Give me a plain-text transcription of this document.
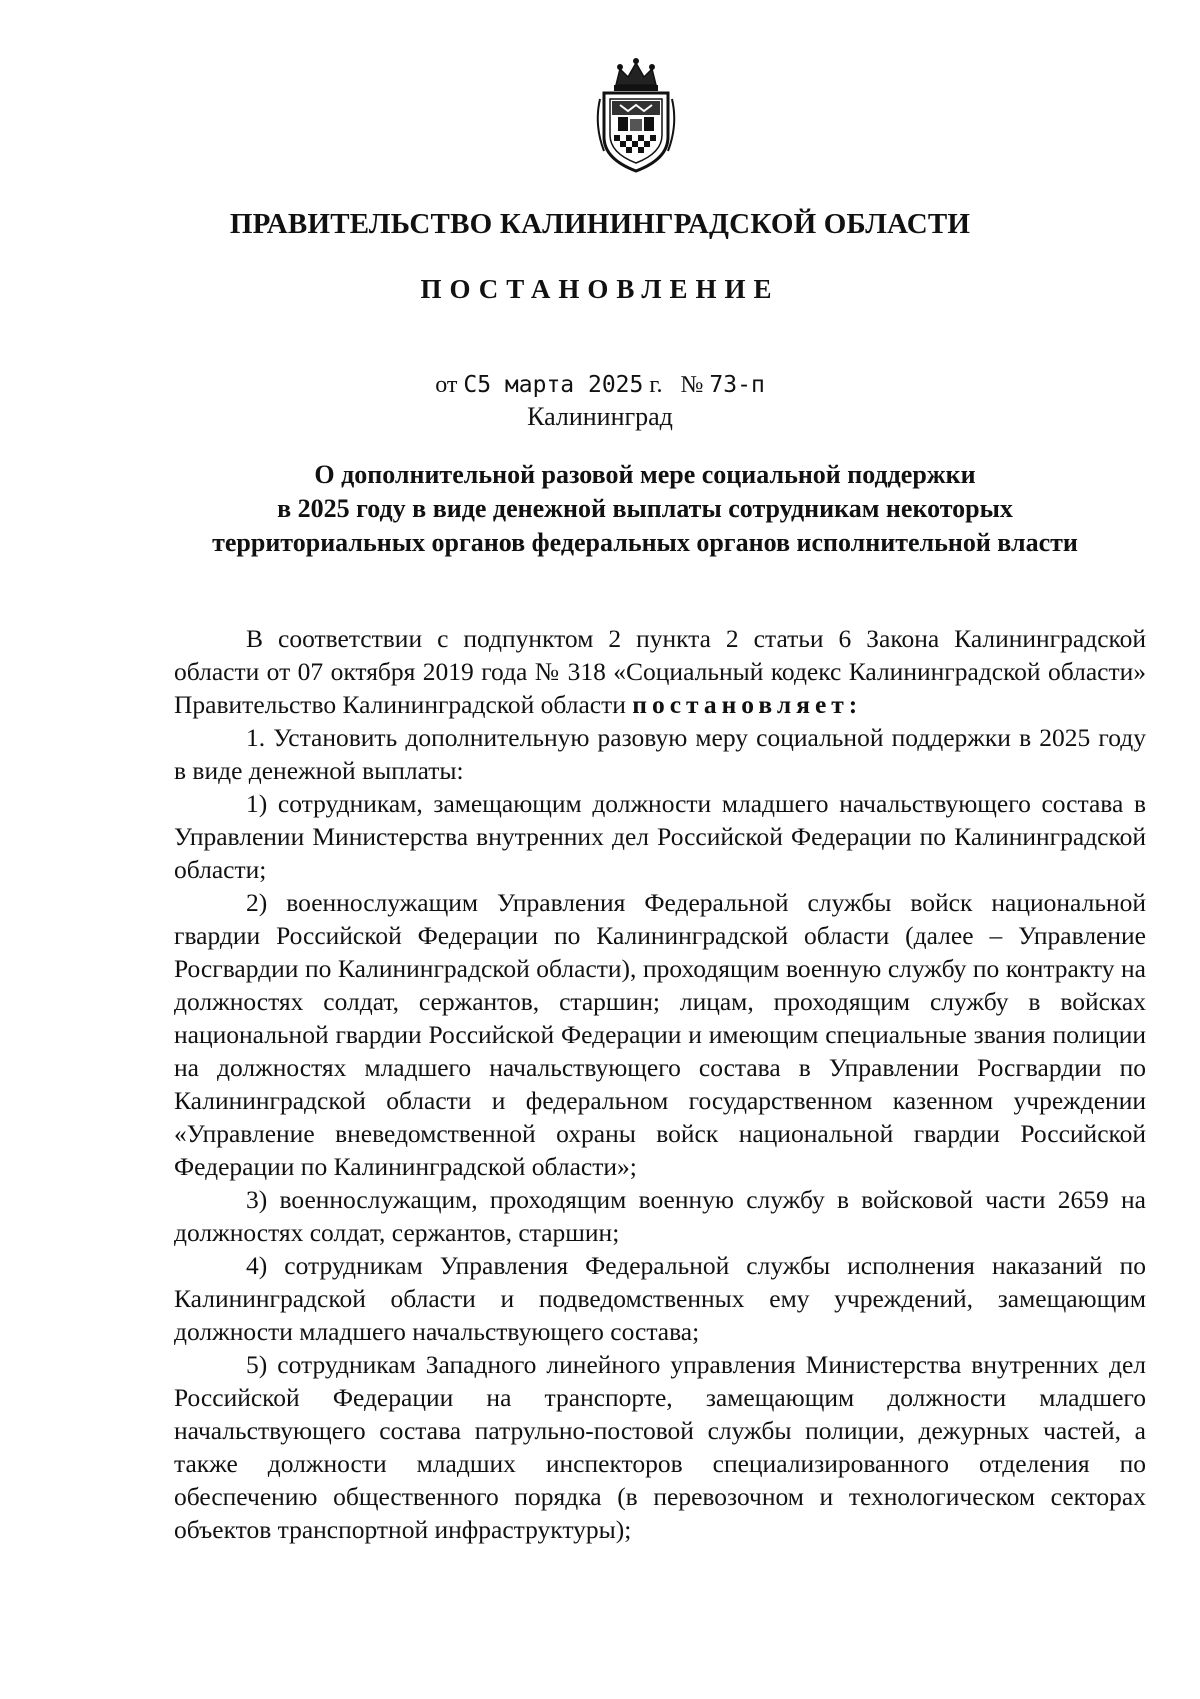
ПРАВИТЕЛЬСТВО КАЛИНИНГРАДСКОЙ ОБЛАСТИ
ПОСТАНОВЛЕНИЕ
от С5 марта 2025 г. № 73-п
Калининград
О дополнительной разовой мере социальной поддержки
в 2025 году в виде денежной выплаты сотрудникам некоторых
территориальных органов федеральных органов исполнительной власти

В соответствии с подпунктом 2 пункта 2 статьи 6 Закона Калининградской области от 07 октября 2019 года № 318 «Социальный кодекс Калининградской области» Правительство Калининградской области постановляет:

1. Установить дополнительную разовую меру социальной поддержки в 2025 году в виде денежной выплаты:

1) сотрудникам, замещающим должности младшего начальствующего состава в Управлении Министерства внутренних дел Российской Федерации по Калининградской области;

2) военнослужащим Управления Федеральной службы войск национальной гвардии Российской Федерации по Калининградской области (далее – Управление Росгвардии по Калининградской области), проходящим военную службу по контракту на должностях солдат, сержантов, старшин; лицам, проходящим службу в войсках национальной гвардии Российской Федерации и имеющим специальные звания полиции на должностях младшего начальствующего состава в Управлении Росгвардии по Калининградской области и федеральном государственном казенном учреждении «Управление вневедомственной охраны войск национальной гвардии Российской Федерации по Калининградской области»;

3) военнослужащим, проходящим военную службу в войсковой части 2659 на должностях солдат, сержантов, старшин;

4) сотрудникам Управления Федеральной службы исполнения наказаний по Калининградской области и подведомственных ему учреждений, замещающим должности младшего начальствующего состава;

5) сотрудникам Западного линейного управления Министерства внутренних дел Российской Федерации на транспорте, замещающим должности младшего начальствующего состава патрульно-постовой службы полиции, дежурных частей, а также должности младших инспекторов специализированного отделения по обеспечению общественного порядка (в перевозочном и технологическом секторах объектов транспортной инфраструктуры);
